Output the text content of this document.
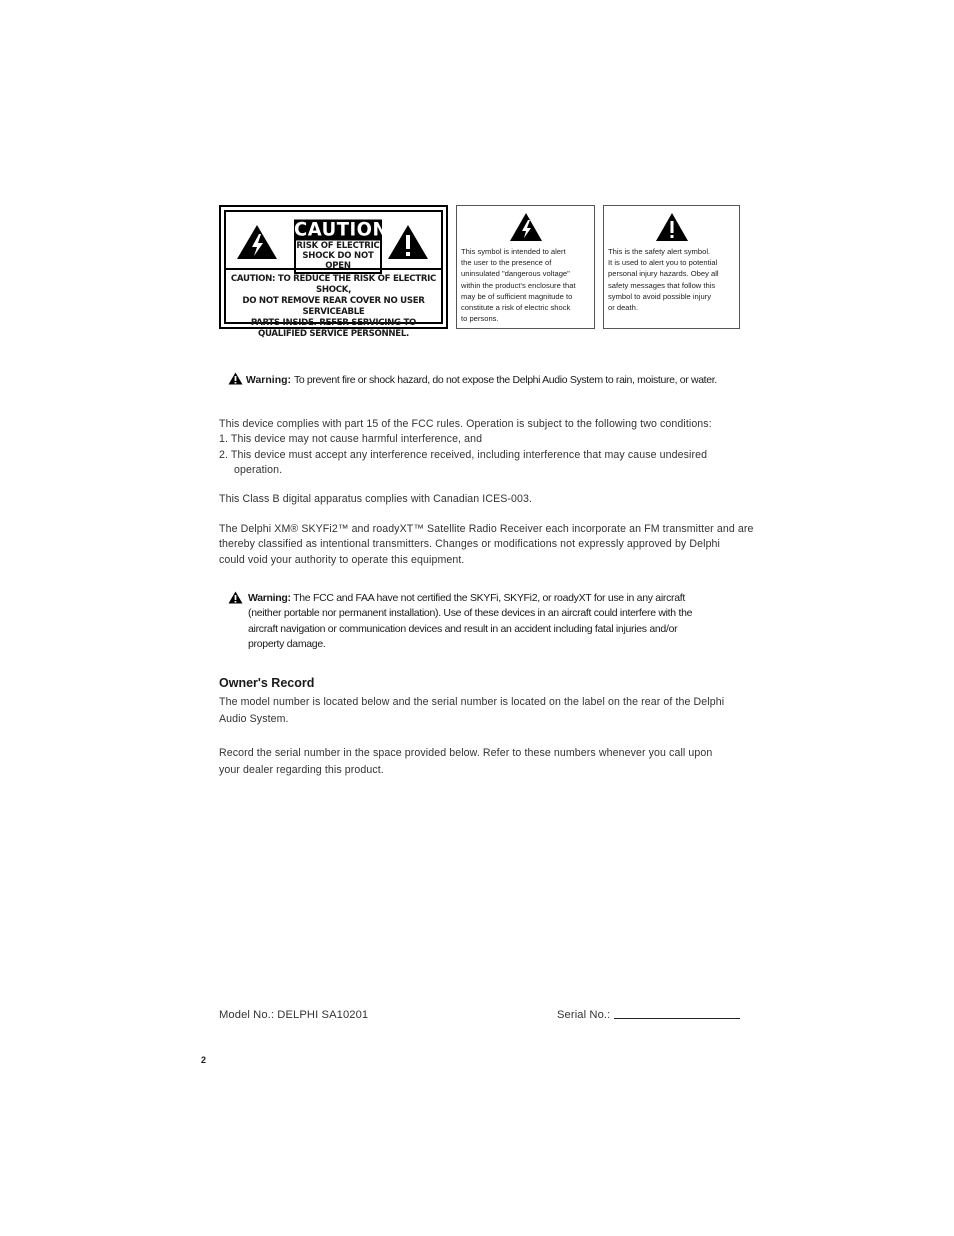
CAUTION
RISK OF ELECTRIC
SHOCK DO NOT OPEN
CAUTION: TO REDUCE THE RISK OF ELECTRIC SHOCK,
DO NOT REMOVE REAR COVER NO USER SERVICEABLE
PARTS INSIDE. REFER SERVICING TO
QUALIFIED SERVICE PERSONNEL.
This symbol is intended to alert
the user to the presence of
uninsulated "dangerous voltage"
within the product's enclosure that
may be of sufficient magnitude to
constitute a risk of electric shock
to persons.
This is the safety alert symbol.
It is used to alert you to potential
personal injury hazards. Obey all
safety messages that follow this
symbol to avoid possible injury
or death.
Warning: To prevent fire or shock hazard, do not expose the Delphi Audio System to rain, moisture, or water.
This device complies with part 15 of the FCC rules. Operation is subject to the following two conditions:
1. This device may not cause harmful interference, and
2. This device must accept any interference received, including interference that may cause undesired
operation.
This Class B digital apparatus complies with Canadian ICES-003.
The Delphi XM® SKYFi2™ and roadyXT™ Satellite Radio Receiver each incorporate an FM transmitter and are
thereby classified as intentional transmitters. Changes or modifications not expressly approved by Delphi
could void your authority to operate this equipment.
Warning: The FCC and FAA have not certified the SKYFi, SKYFi2, or roadyXT for use in any aircraft
(neither portable nor permanent installation). Use of these devices in an aircraft could interfere with the
aircraft navigation or communication devices and result in an accident including fatal injuries and/or
property damage.
Owner's Record
The model number is located below and the serial number is located on the label on the rear of the Delphi
Audio System.
Record the serial number in the space provided below. Refer to these numbers whenever you call upon
your dealer regarding this product.
Model No.: DELPHI SA10201	Serial No.:
2
